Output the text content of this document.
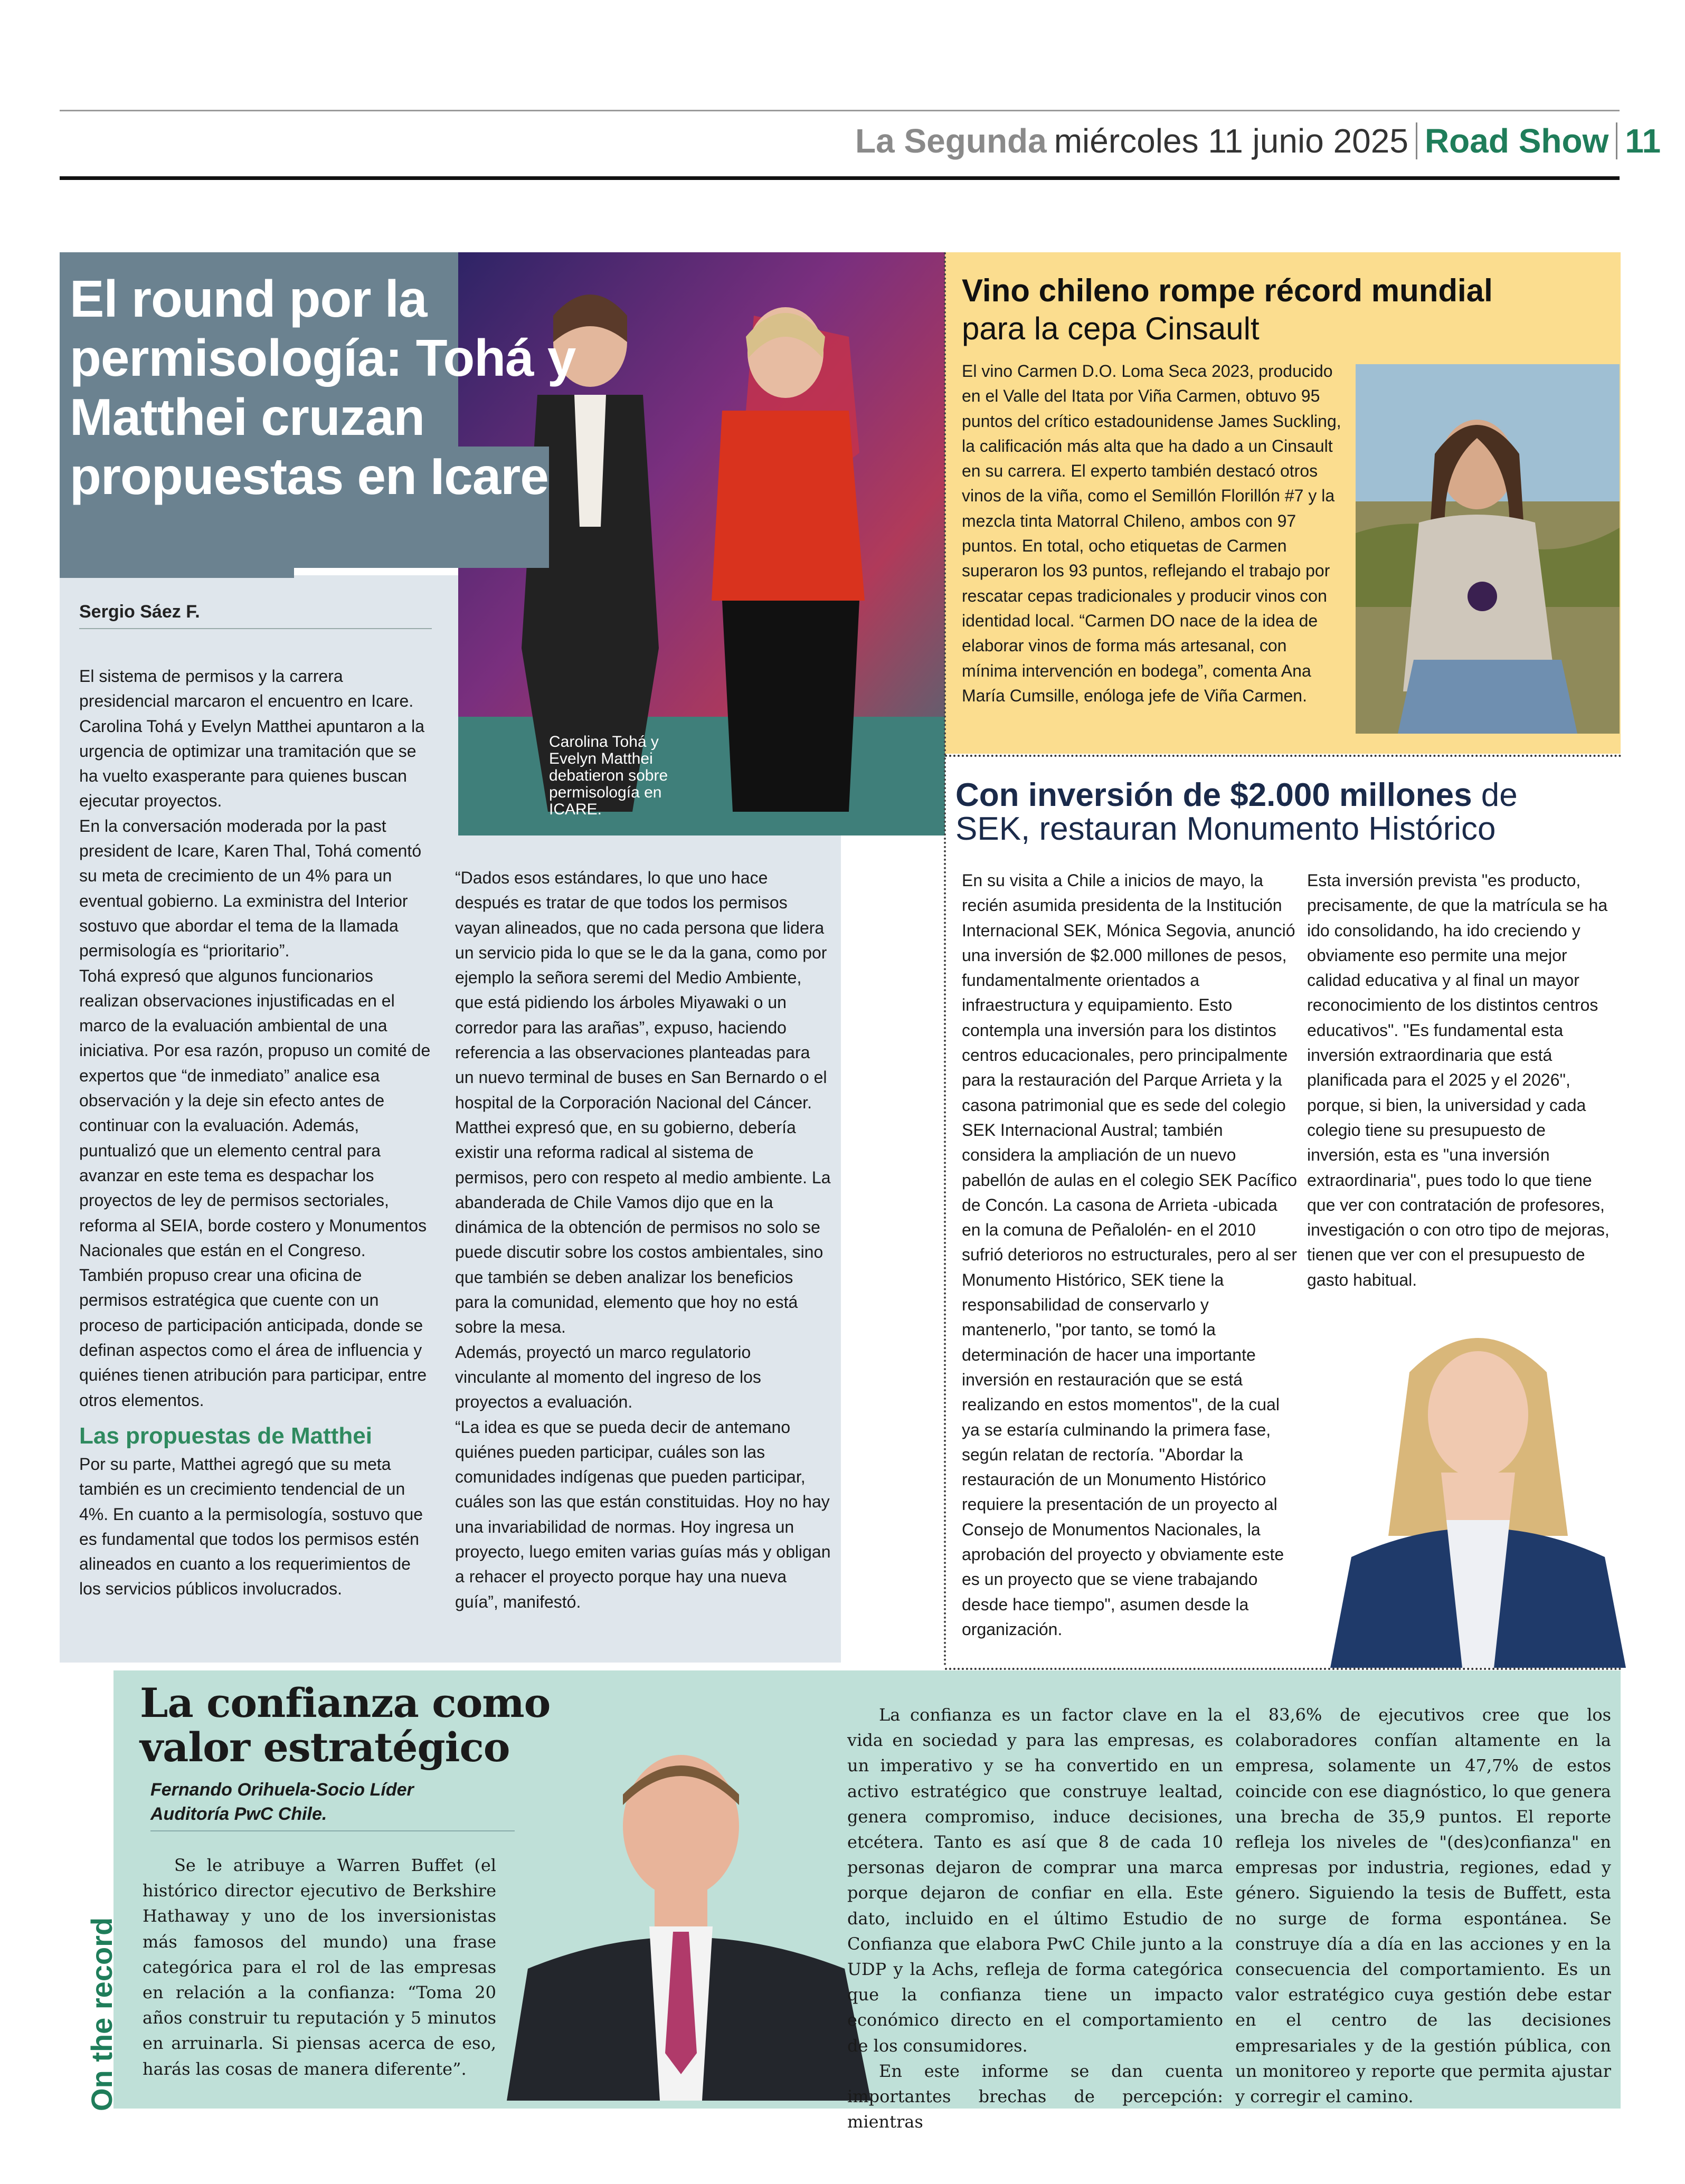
La Segunda miércoles 11 junio 2025 Road Show 11
Carolina Tohá y Evelyn Matthei debatieron sobre permisología en ICARE.
El round por la permisología: Tohá y Matthei cruzan propuestas en Icare
Sergio Sáez F.

El sistema de permisos y la carrera presidencial marcaron el encuentro en Icare. Carolina Tohá y Evelyn Matthei apuntaron a la urgencia de optimizar una tramitación que se ha vuelto exasperante para quienes buscan ejecutar proyectos.

En la conversación moderada por la past president de Icare, Karen Thal, Tohá comentó su meta de crecimiento de un 4% para un eventual gobierno. La exministra del Interior sostuvo que abordar el tema de la llamada permisología es “prioritario”.

Tohá expresó que algunos funcionarios realizan observaciones injustificadas en el marco de la evaluación ambiental de una iniciativa. Por esa razón, propuso un comité de expertos que “de inmediato” analice esa observación y la deje sin efecto antes de continuar con la evaluación. Además, puntualizó que un elemento central para avanzar en este tema es despachar los proyectos de ley de permisos sectoriales, reforma al SEIA, borde costero y Monumentos Nacionales que están en el Congreso.

También propuso crear una oficina de permisos estratégica que cuente con un proceso de participación anticipada, donde se definan aspectos como el área de influencia y quiénes tienen atribución para participar, entre otros elementos.

Las propuestas de Matthei

Por su parte, Matthei agregó que su meta también es un crecimiento tendencial de un 4%. En cuanto a la permisología, sostuvo que es fundamental que todos los permisos estén alineados en cuanto a los requerimientos de los servicios públicos involucrados.

“Dados esos estándares, lo que uno hace después es tratar de que todos los permisos vayan alineados, que no cada persona que lidera un servicio pida lo que se le da la gana, como por ejemplo la señora seremi del Medio Ambiente, que está pidiendo los árboles Miyawaki o un corredor para las arañas”, expuso, haciendo referencia a las observaciones planteadas para un nuevo terminal de buses en San Bernardo o el hospital de la Corporación Nacional del Cáncer.

Matthei expresó que, en su gobierno, debería existir una reforma radical al sistema de permisos, pero con respeto al medio ambiente. La abanderada de Chile Vamos dijo que en la dinámica de la obtención de permisos no solo se puede discutir sobre los costos ambientales, sino que también se deben analizar los beneficios para la comunidad, elemento que hoy no está sobre la mesa.

Además, proyectó un marco regulatorio vinculante al momento del ingreso de los proyectos a evaluación.

“La idea es que se pueda decir de antemano quiénes pueden participar, cuáles son las comunidades indígenas que pueden participar, cuáles son las que están constituidas. Hoy no hay una invariabilidad de normas. Hoy ingresa un proyecto, luego emiten varias guías más y obligan a rehacer el proyecto porque hay una nueva guía”, manifestó.

Vino chileno rompe récord mundial
para la cepa Cinsault
El vino Carmen D.O. Loma Seca 2023, producido en el Valle del Itata por Viña Carmen, obtuvo 95 puntos del crítico estadounidense James Suckling, la calificación más alta que ha dado a un Cinsault en su carrera. El experto también destacó otros vinos de la viña, como el Semillón Florillón #7 y la mezcla tinta Matorral Chileno, ambos con 97 puntos. En total, ocho etiquetas de Carmen superaron los 93 puntos, reflejando el trabajo por rescatar cepas tradicionales y producir vinos con identidad local. “Carmen DO nace de la idea de elaborar vinos de forma más artesanal, con mínima intervención en bodega”, comenta Ana María Cumsille, enóloga jefe de Viña Carmen.
Con inversión de $2.000 millones de
SEK, restauran Monumento Histórico
En su visita a Chile a inicios de mayo, la recién asumida presidenta de la Institución Internacional SEK, Mónica Segovia, anunció una inversión de $2.000 millones de pesos, fundamentalmente orientados a infraestructura y equipamiento. Esto contempla una inversión para los distintos centros educacionales, pero principalmente para la restauración del Parque Arrieta y la casona patrimonial que es sede del colegio SEK Internacional Austral; también considera la ampliación de un nuevo pabellón de aulas en el colegio SEK Pacífico de Concón. La casona de Arrieta -ubicada en la comuna de Peñalolén- en el 2010 sufrió deterioros no estructurales, pero al ser Monumento Histórico, SEK tiene la responsabilidad de conservarlo y mantenerlo, "por tanto, se tomó la determinación de hacer una importante inversión en restauración que se está realizando en estos momentos", de la cual ya se estaría culminando la primera fase, según relatan de rectoría. "Abordar la restauración de un Monumento Histórico requiere la presentación de un proyecto al Consejo de Monumentos Nacionales, la aprobación del proyecto y obviamente este es un proyecto que se viene trabajando desde hace tiempo", asumen desde la organización.
Esta inversión prevista "es producto, precisamente, de que la matrícula se ha ido consolidando, ha ido creciendo y obviamente eso permite una mejor calidad educativa y al final un mayor reconocimiento de los distintos centros educativos". "Es fundamental esta inversión extraordinaria que está planificada para el 2025 y el 2026", porque, si bien, la universidad y cada colegio tiene su presupuesto de inversión, esta es "una inversión extraordinaria", pues todo lo que tiene que ver con contratación de profesores, investigación o con otro tipo de mejoras, tienen que ver con el presupuesto de gasto habitual.
On the record
La confianza como valor estratégico
Fernando Orihuela-Socio Líder Auditoría PwC Chile.
Se le atribuye a Warren Buffet (el histórico director ejecutivo de Berkshire Hathaway y uno de los inversionistas más famosos del mundo) una frase categórica para el rol de las empresas en relación a la confianza: “Toma 20 años construir tu reputación y 5 minutos en arruinarla. Si piensas acerca de eso, harás las cosas de manera diferente”.

La confianza es un factor clave en la vida en sociedad y para las empresas, es un imperativo y se ha convertido en un activo estratégico que construye lealtad, genera compromiso, induce decisiones, etcétera. Tanto es así que 8 de cada 10 personas dejaron de comprar una marca porque dejaron de confiar en ella. Este dato, incluido en el último Estudio de Confianza que elabora PwC Chile junto a la UDP y la Achs, refleja de forma categórica que la confianza tiene un impacto económico directo en el comportamiento de los consumidores.

En este informe se dan cuenta importantes brechas de percepción: mientras

el 83,6% de ejecutivos cree que los colaboradores confían altamente en la empresa, solamente un 47,7% de estos coincide con ese diagnóstico, lo que genera una brecha de 35,9 puntos. El reporte refleja los niveles de "(des)confianza" en empresas por industria, regiones, edad y género. Siguiendo la tesis de Buffett, esta no surge de forma espontánea. Se construye día a día en las acciones y en la consecuencia del comportamiento. Es un valor estratégico cuya gestión debe estar en el centro de las decisiones empresariales y de la gestión pública, con un monitoreo y reporte que permita ajustar y corregir el camino.
